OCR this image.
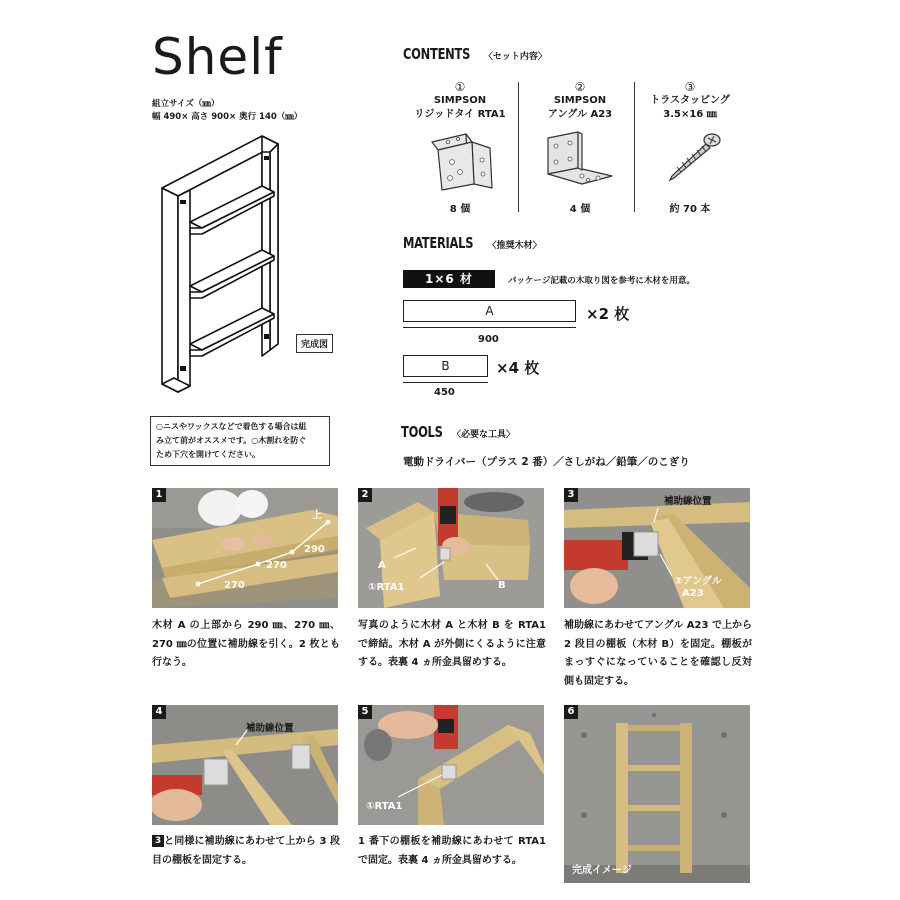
Shelf
組立サイズ（㎜）
幅 490× 高さ 900× 奥行 140（㎜）
完成図
○ニスやワックスなどで着色する場合は組
み立て前がオススメです。○木割れを防ぐ
ため下穴を開けてください。
CONTENTS 〈セット内容〉
①
SIMPSON
リジッドタイ RTA1
②
SIMPSON
アングル A23
③
トラスタッピング
3.5×16 ㎜
8 個	4 個	約 70 本
MATERIALS 〈推奨木材〉
1×6 材	パッケージ記載の木取り図を参考に木材を用意。
A	×2 枚
900
B	×4 枚
450
TOOLS 〈必要な工具〉
電動ドライバー（プラス 2 番）／さしがね／鉛筆／のこぎり
上
290
270
270
1
A
①RTA1	B
2
補助線位置
②アングル
A23
3
補助線位置
4
①RTA1
5
完成イメージ
6
木材 A の上部から 290 ㎜、270 ㎜、270 ㎜の位置に補助線を引く。2 枚とも行なう。
写真のように木材 A と木材 B を RTA1 で締結。木材 A が外側にくるように注意する。表裏 4 ヵ所金具留めする。
補助線にあわせてアングル A23 で上から 2 段目の棚板（木材 B）を固定。棚板がまっすぐになっていることを確認し反対側も固定する。
3 と同様に補助線にあわせて上から 3 段目の棚板を固定する。
1 番下の棚板を補助線にあわせて RTA1 で固定。表裏 4 ヵ所金具留めする。
